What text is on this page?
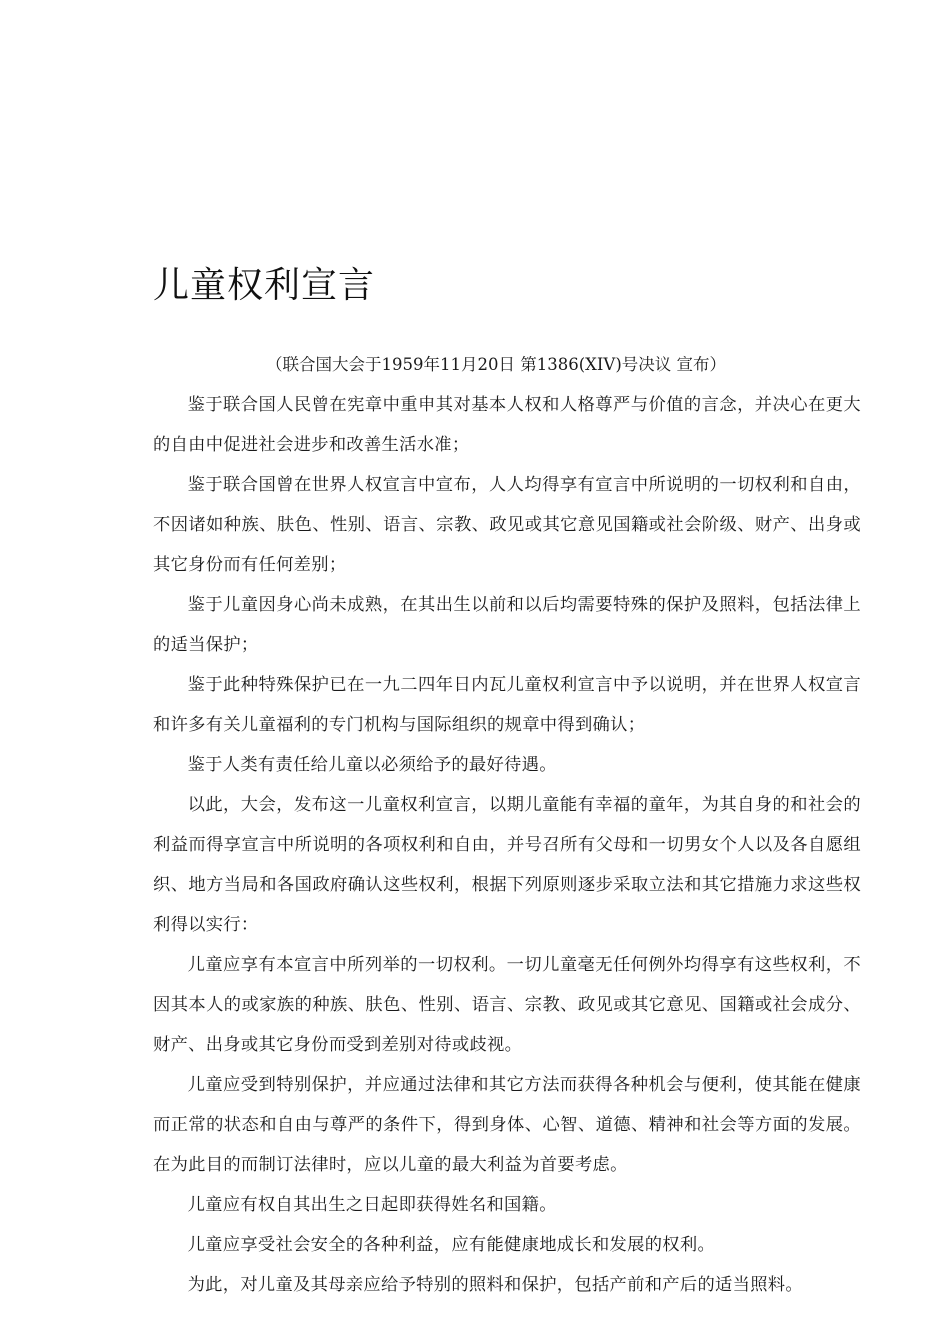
儿童权利宣言

（联合国大会于1959年11月20日 第1386(XIV)号决议 宣布）

鉴于联合国人民曾在宪章中重申其对基本人权和人格尊严与价值的言念，并决心在更大的自由中促进社会进步和改善生活水准；

鉴于联合国曾在世界人权宣言中宣布，人人均得享有宣言中所说明的一切权利和自由，不因诸如种族、肤色、性别、语言、宗教、政见或其它意见国籍或社会阶级、财产、出身或其它身份而有任何差别；

鉴于儿童因身心尚未成熟，在其出生以前和以后均需要特殊的保护及照料，包括法律上的适当保护；

鉴于此种特殊保护已在一九二四年日内瓦儿童权利宣言中予以说明，并在世界人权宣言和许多有关儿童福利的专门机构与国际组织的规章中得到确认；

鉴于人类有责任给儿童以必须给予的最好待遇。

以此，大会，发布这一儿童权利宣言，以期儿童能有幸福的童年，为其自身的和社会的利益而得享宣言中所说明的各项权利和自由，并号召所有父母和一切男女个人以及各自愿组织、地方当局和各国政府确认这些权利，根据下列原则逐步采取立法和其它措施力求这些权利得以实行：

儿童应享有本宣言中所列举的一切权利。一切儿童毫无任何例外均得享有这些权利，不因其本人的或家族的种族、肤色、性别、语言、宗教、政见或其它意见、国籍或社会成分、财产、出身或其它身份而受到差别对待或歧视。

儿童应受到特别保护，并应通过法律和其它方法而获得各种机会与便利，使其能在健康而正常的状态和自由与尊严的条件下，得到身体、心智、道德、精神和社会等方面的发展。在为此目的而制订法律时，应以儿童的最大利益为首要考虑。

儿童应有权自其出生之日起即获得姓名和国籍。

儿童应享受社会安全的各种利益，应有能健康地成长和发展的权利。

为此，对儿童及其母亲应给予特别的照料和保护，包括产前和产后的适当照料。
